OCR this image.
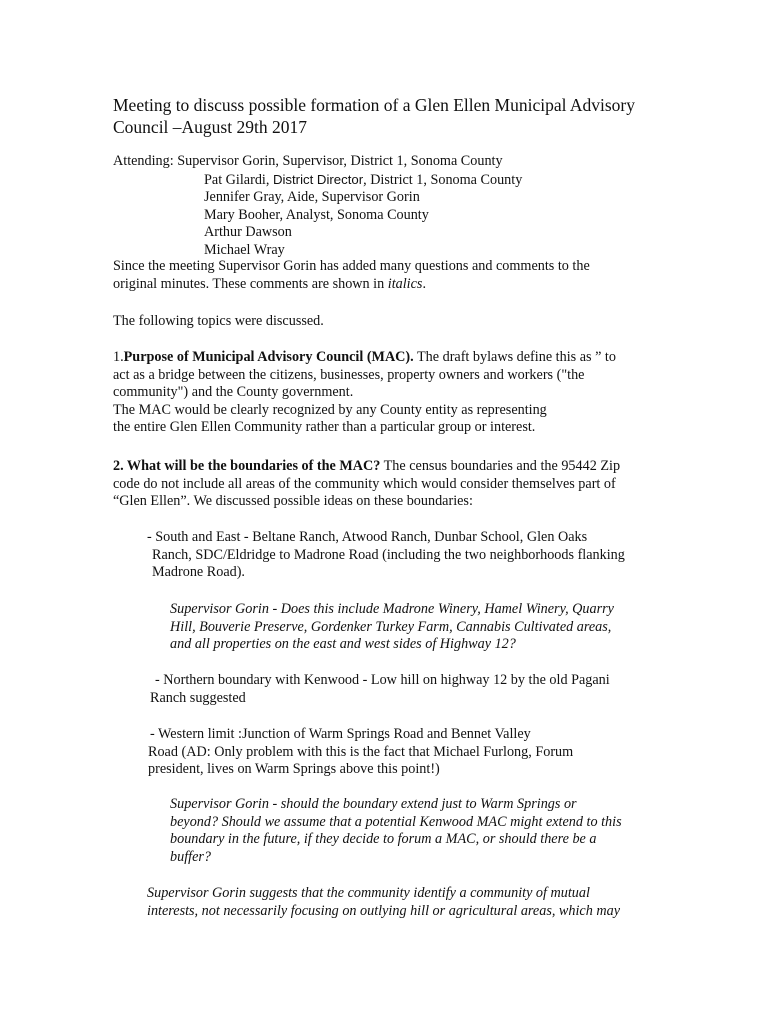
Meeting to discuss possible formation of a Glen Ellen Municipal Advisory
Council –August 29th 2017
Attending: Supervisor Gorin, Supervisor, District 1, Sonoma County
Pat Gilardi, District Director, District 1, Sonoma County
Jennifer Gray, Aide, Supervisor Gorin
Mary Booher, Analyst, Sonoma County
Arthur Dawson
Michael Wray
Since the meeting Supervisor Gorin has added many questions and comments to the
original minutes. These comments are shown in italics.
The following topics were discussed.
1.Purpose of Municipal Advisory Council (MAC). The draft bylaws define this as ” to
act as a bridge between the citizens, businesses, property owners and workers ("the
community") and the County government.
The MAC would be clearly recognized by any County entity as representing
the entire Glen Ellen Community rather than a particular group or interest.
2. What will be the boundaries of the MAC? The census boundaries and the 95442 Zip
code do not include all areas of the community which would consider themselves part of
“Glen Ellen”. We discussed possible ideas on these boundaries:
- South and East - Beltane Ranch, Atwood Ranch, Dunbar School, Glen Oaks
Ranch, SDC/Eldridge to Madrone Road (including the two neighborhoods flanking
Madrone Road).
Supervisor Gorin - Does this include Madrone Winery, Hamel Winery, Quarry
Hill, Bouverie Preserve, Gordenker Turkey Farm, Cannabis Cultivated areas,
and all properties on the east and west sides of Highway 12?
- Northern boundary with Kenwood - Low hill on highway 12 by the old Pagani
Ranch suggested
- Western limit :Junction of Warm Springs Road and Bennet Valley
Road (AD: Only problem with this is the fact that Michael Furlong, Forum
president, lives on Warm Springs above this point!)
Supervisor Gorin - should the boundary extend just to Warm Springs or
beyond? Should we assume that a potential Kenwood MAC might extend to this
boundary in the future, if they decide to forum a MAC, or should there be a
buffer?
Supervisor Gorin suggests that the community identify a community of mutual
interests, not necessarily focusing on outlying hill or agricultural areas, which may
